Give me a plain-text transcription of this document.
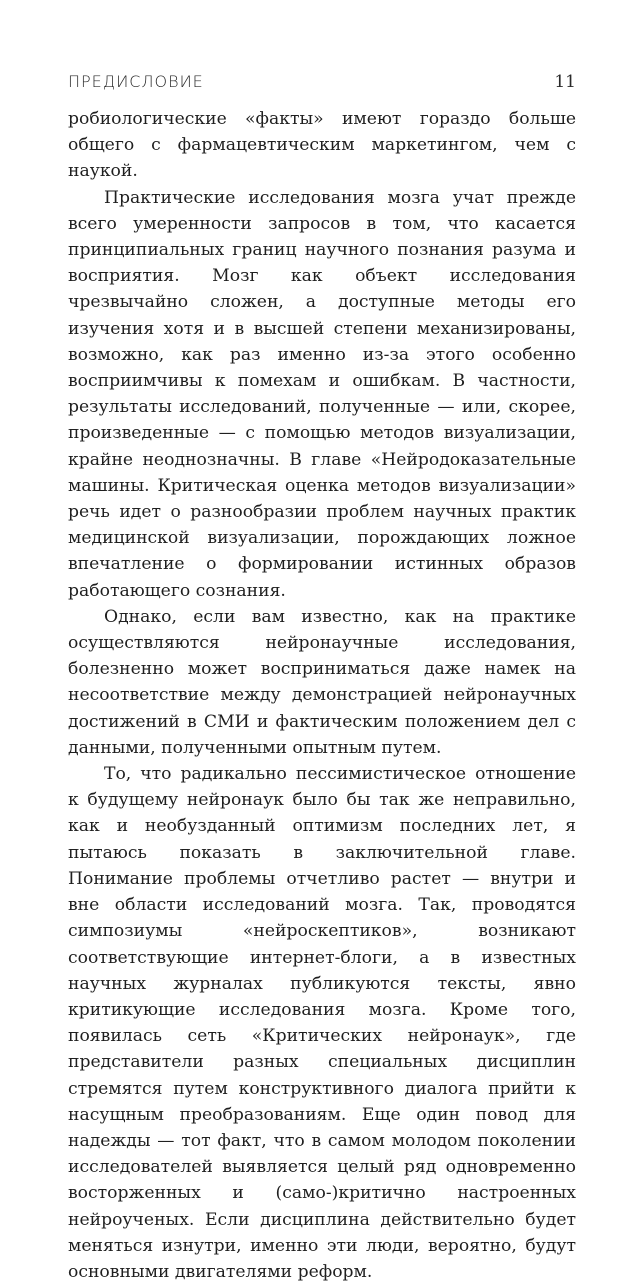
ПРЕДИСЛОВИЕ	11

робиологические «факты» имеют гораздо больше общего с фармацевтическим маркетингом, чем с наукой.

Практические исследования мозга учат прежде всего умеренности запросов в том, что касается принципиальных границ научного познания разума и восприятия. Мозг как объект исследования чрезвычайно сложен, а доступные методы его изучения хотя и в высшей степени механизированы, возможно, как раз именно из-за этого особенно восприимчивы к помехам и ошибкам. В частности, результаты исследований, полученные — или, скорее, произведенные — с помощью методов визуализации, крайне неоднозначны. В главе «Нейродоказательные машины. Критическая оценка методов визуализации» речь идет о разнообразии проблем научных практик медицинской визуализации, порождающих ложное впечатление о формировании истинных образов работающего сознания.

Однако, если вам известно, как на практике осуществляются нейронаучные исследования, болезненно может восприниматься даже намек на несоответствие между демонстрацией нейронаучных достижений в СМИ и фактическим положением дел с данными, полученными опытным путем.

То, что радикально пессимистическое отношение к будущему нейронаук было бы так же неправильно, как и необузданный оптимизм последних лет, я пытаюсь показать в заключительной главе. Понимание проблемы отчетливо растет — внутри и вне области исследований мозга. Так, проводятся симпозиумы «нейроскептиков», возникают соответствующие интернет-блоги, а в известных научных журналах публикуются тексты, явно критикующие исследования мозга. Кроме того, появилась сеть «Критических нейронаук», где представители разных специальных дисциплин стремятся путем конструктивного диалога прийти к насущным преобразованиям. Еще один повод для надежды — тот факт, что в самом молодом поколении исследователей выявляется целый ряд одновременно восторженных и (само-)критично настроенных нейроученых. Если дисциплина действительно будет меняться изнутри, именно эти люди, вероятно, будут основными двигателями реформ.
